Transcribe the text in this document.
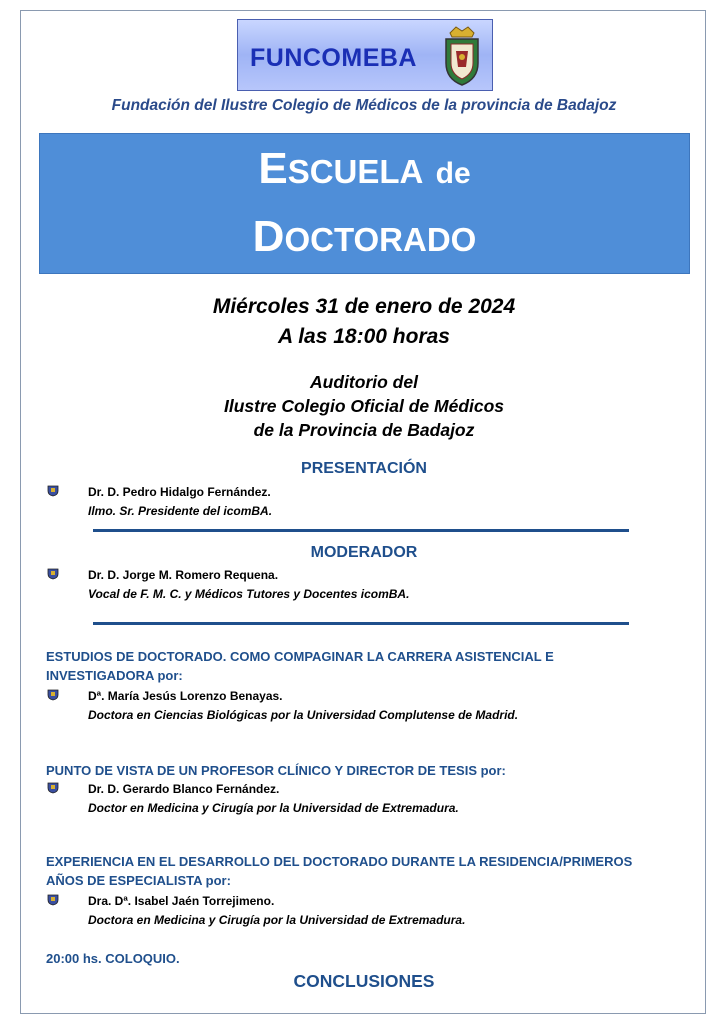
FUNCOMEBA
Fundación del Ilustre Colegio de Médicos de la provincia de Badajoz
ESCUELA de
DOCTORADO
Miércoles 31 de enero de 2024
A las 18:00 horas
Auditorio del
Ilustre Colegio Oficial de Médicos
de la Provincia de Badajoz
PRESENTACIÓN
Dr. D. Pedro Hidalgo Fernández.
Ilmo. Sr. Presidente del icomBA.
MODERADOR
Dr. D. Jorge M. Romero Requena.
Vocal de F. M. C. y Médicos Tutores y Docentes icomBA.
ESTUDIOS DE DOCTORADO. COMO COMPAGINAR LA CARRERA ASISTENCIAL E
INVESTIGADORA por:
Dª. María Jesús Lorenzo Benayas.
Doctora en Ciencias Biológicas por la Universidad Complutense de Madrid.
PUNTO DE VISTA DE UN PROFESOR CLÍNICO Y DIRECTOR DE TESIS por:
Dr. D. Gerardo Blanco Fernández.
Doctor en Medicina y Cirugía por la Universidad de Extremadura.
EXPERIENCIA EN EL DESARROLLO DEL DOCTORADO DURANTE LA RESIDENCIA/PRIMEROS
AÑOS DE ESPECIALISTA por:
Dra. Dª. Isabel Jaén Torrejimeno.
Doctora en Medicina y Cirugía por la Universidad de Extremadura.
20:00 hs. COLOQUIO.
CONCLUSIONES
